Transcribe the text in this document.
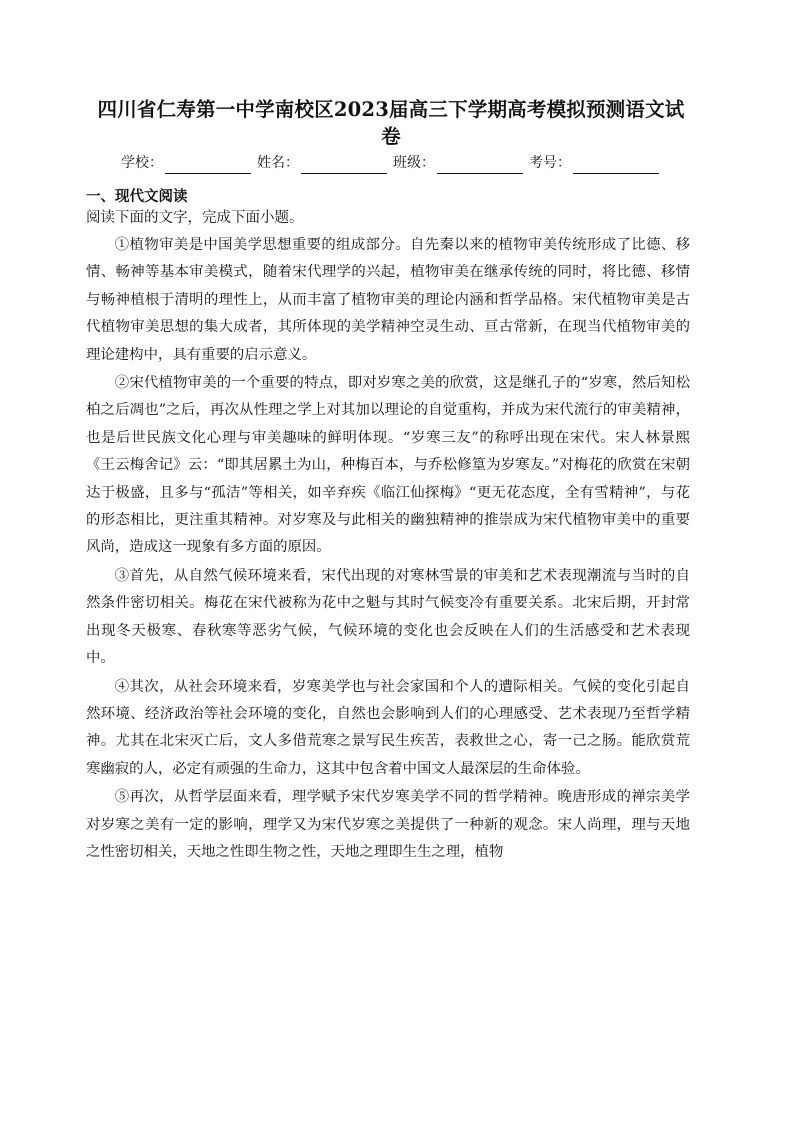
四川省仁寿第一中学南校区2023届高三下学期高考模拟预测语文试卷
学校：	姓名：	班级：	考号：
一、现代文阅读
阅读下面的文字，完成下面小题。

①植物审美是中国美学思想重要的组成部分。自先秦以来的植物审美传统形成了比德、移情、畅神等基本审美模式，随着宋代理学的兴起，植物审美在继承传统的同时，将比德、移情与畅神植根于清明的理性上，从而丰富了植物审美的理论内涵和哲学品格。宋代植物审美是古代植物审美思想的集大成者，其所体现的美学精神空灵生动、亘古常新，在现当代植物审美的理论建构中，具有重要的启示意义。

②宋代植物审美的一个重要的特点，即对岁寒之美的欣赏，这是继孔子的“岁寒，然后知松柏之后凋也”之后，再次从性理之学上对其加以理论的自觉重构，并成为宋代流行的审美精神，也是后世民族文化心理与审美趣味的鲜明体现。“岁寒三友”的称呼出现在宋代。宋人林景熙《王云梅舍记》云：“即其居累土为山，种梅百本，与乔松修篁为岁寒友。”对梅花的欣赏在宋朝达于极盛，且多与“孤洁”等相关，如辛弃疾《临江仙探梅》“更无花态度，全有雪精神”，与花的形态相比，更注重其精神。对岁寒及与此相关的幽独精神的推崇成为宋代植物审美中的重要风尚，造成这一现象有多方面的原因。

③首先，从自然气候环境来看，宋代出现的对寒林雪景的审美和艺术表现潮流与当时的自然条件密切相关。梅花在宋代被称为花中之魁与其时气候变冷有重要关系。北宋后期，开封常出现冬天极寒、春秋寒等恶劣气候，气候环境的变化也会反映在人们的生活感受和艺术表现中。

④其次，从社会环境来看，岁寒美学也与社会家国和个人的遭际相关。气候的变化引起自然环境、经济政治等社会环境的变化，自然也会影响到人们的心理感受、艺术表现乃至哲学精神。尤其在北宋灭亡后，文人多借荒寒之景写民生疾苦，表救世之心，寄一己之肠。能欣赏荒寒幽寂的人，必定有顽强的生命力，这其中包含着中国文人最深层的生命体验。

⑤再次，从哲学层面来看，理学赋予宋代岁寒美学不同的哲学精神。晚唐形成的禅宗美学对岁寒之美有一定的影响，理学又为宋代岁寒之美提供了一种新的观念。宋人尚理，理与天地之性密切相关，天地之性即生物之性，天地之理即生生之理，植物
